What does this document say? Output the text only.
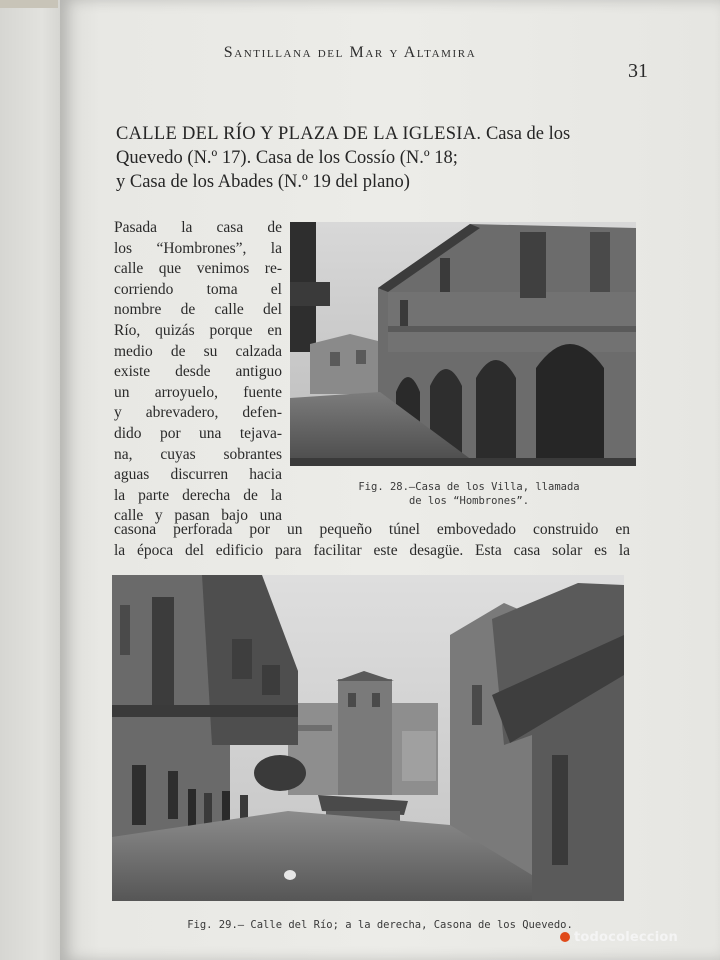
Santillana del Mar y Altamira
31
CALLE DEL RÍO Y PLAZA DE LA IGLESIA. Casa de los
Quevedo (N.º 17). Casa de los Cossío (N.º 18;
y Casa de los Abades (N.º 19 del plano)
Pasada la casa de
los “Hombrones”, la
calle que venimos re-
corriendo toma el
nombre de calle del
Río, quizás porque en
medio de su calzada
existe desde antiguo
un arroyuelo, fuente
y abrevadero, defen-
dido por una tejava-
na, cuyas sobrantes
aguas discurren hacia
la parte derecha de la
calle y pasan bajo una
casona perforada por un pequeño túnel embovedado construido en
la época del edificio para facilitar este desagüe. Esta casa solar es la
Fig. 28.—Casa de los Villa, llamada
de los “Hombrones”.
Fig. 29.– Calle del Río; a la derecha, Casona de los Quevedo.
todocoleccion
